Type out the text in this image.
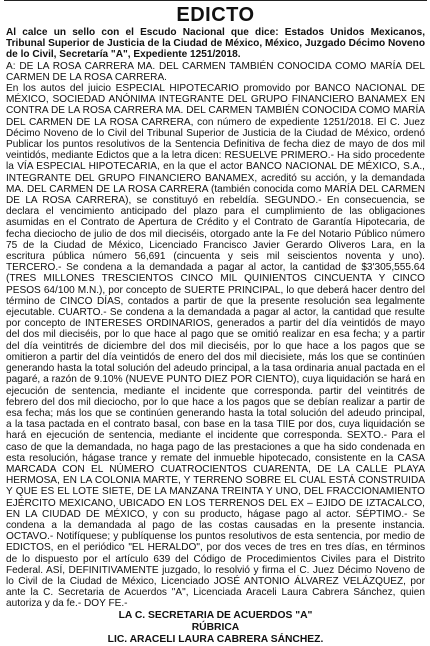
EDICTO

Al calce un sello con el Escudo Nacional que dice: Estados Unidos Mexicanos, Tribunal Superior de Justicia de la Ciudad de México, México, Juzgado Décimo Noveno de lo Civil, Secretaría "A", Expediente 1251/2018.

A: DE LA ROSA CARRERA MA. DEL CARMEN TAMBIÉN CONOCIDA COMO MARÍA DEL CARMEN DE LA ROSA CARRERA.

En los autos del juicio ESPECIAL HIPOTECARIO promovido por BANCO NACIONAL DE MÉXICO, SOCIEDAD ANÓNIMA INTEGRANTE DEL GRUPO FINANCIERO BANAMEX EN CONTRA DE LA ROSA CARRERA MA. DEL CARMEN TAMBIÉN CONOCIDA COMO MARÍA DEL CARMEN DE LA ROSA CARRERA, con número de expediente 1251/2018. El C. Juez Décimo Noveno de lo Civil del Tribunal Superior de Justicia de la Ciudad de México, ordenó Publicar los puntos resolutivos de la Sentencia Definitiva de fecha diez de mayo de dos mil veintidós, mediante Edictos que a la letra dicen: RESUELVE PRIMERO.- Ha sido procedente la VÍA ESPECIAL HIPOTECARIA, en la que el actor BANCO NACIONAL DE MÉXICO, S.A., INTEGRANTE DEL GRUPO FINANCIERO BANAMEX, acreditó su acción, y la demandada MA. DEL CARMEN DE LA ROSA CARRERA (también conocida como MARÍA DEL CARMEN DE LA ROSA CARRERA), se constituyó en rebeldía. SEGUNDO.- En consecuencia, se declara el vencimiento anticipado del plazo para el cumplimiento de las obligaciones asumidas en el Contrato de Apertura de Crédito y el Contrato de Garantía Hipotecaria, de fecha dieciocho de julio de dos mil dieciséis, otorgado ante la Fe del Notario Público número 75 de la Ciudad de México, Licenciado Francisco Javier Gerardo Oliveros Lara, en la escritura pública número 56,691 (cincuenta y seis mil seiscientos noventa y uno). TERCERO.- Se condena a la demandada a pagar al actor, la cantidad de $3'305,555.64 (TRES MILLONES TRESCIENTOS CINCO MIL QUINIENTOS CINCUENTA Y CINCO PESOS 64/100 M.N.), por concepto de SUERTE PRINCIPAL, lo que deberá hacer dentro del término de CINCO DÍAS, contados a partir de que la presente resolución sea legalmente ejecutable. CUARTO.- Se condena a la demandada a pagar al actor, la cantidad que resulte por concepto de INTERESES ORDINARIOS, generados a partir del día veintidós de mayo del dos mil dieciséis, por lo que hace al pago que se omitió realizar en esa fecha; y a partir del día veintitrés de diciembre del dos mil dieciséis, por lo que hace a los pagos que se omitieron a partir del día veintidós de enero del dos mil diecisiete, más los que se continúen generando hasta la total solución del adeudo principal, a la tasa ordinaria anual pactada en el pagaré, a razón de 9.10% (NUEVE PUNTO DIEZ POR CIENTO), cuya liquidación se hará en ejecución de sentencia, mediante el incidente que corresponda. partir del veintitrés de febrero del dos mil dieciocho, por lo que hace a los pagos que se debían realizar a partir de esa fecha; más los que se continúen generando hasta la total solución del adeudo principal, a la tasa pactada en el contrato basal, con base en la tasa TIIE por dos, cuya liquidación se hará en ejecución de sentencia, mediante el incidente que corresponda. SEXTO.- Para el caso de que la demandada, no haga pago de las prestaciones a que ha sido condenada en esta resolución, hágase trance y remate del inmueble hipotecado, consistente en la CASA MARCADA CON EL NÚMERO CUATROCIENTOS CUARENTA, DE LA CALLE PLAYA HERMOSA, EN LA COLONIA MARTE, Y TERRENO SOBRE EL CUAL ESTÁ CONSTRUIDA Y QUE ES EL LOTE SIETE, DE LA MANZANA TREINTA Y UNO, DEL FRACCIONAMIENTO EJÉRCITO MEXICANO, UBICADO EN LOS TERRENOS DEL EX – EJIDO DE IZTACALCO, EN LA CIUDAD DE MÉXICO, y con su producto, hágase pago al actor. SÉPTIMO.- Se condena a la demandada al pago de las costas causadas en la presente instancia. OCTAVO.- Notifíquese; y publíquense los puntos resolutivos de esta sentencia, por medio de EDICTOS, en el periódico "EL HERALDO", por dos veces de tres en tres días, en términos de lo dispuesto por el artículo 639 del Código de Procedimientos Civiles para el Distrito Federal. ASÍ, DEFINITIVAMENTE juzgado, lo resolvió y firma el C. Juez Décimo Noveno de lo Civil de la Ciudad de México, Licenciado JOSÉ ANTONIO ÁLVAREZ VELÁZQUEZ, por ante la C. Secretaria de Acuerdos "A", Licenciada Araceli Laura Cabrera Sánchez, quien autoriza y da fe.- DOY FE.-

LA C. SECRETARIA DE ACUERDOS "A"

RÚBRICA

LIC. ARACELI LAURA CABRERA SÁNCHEZ.
